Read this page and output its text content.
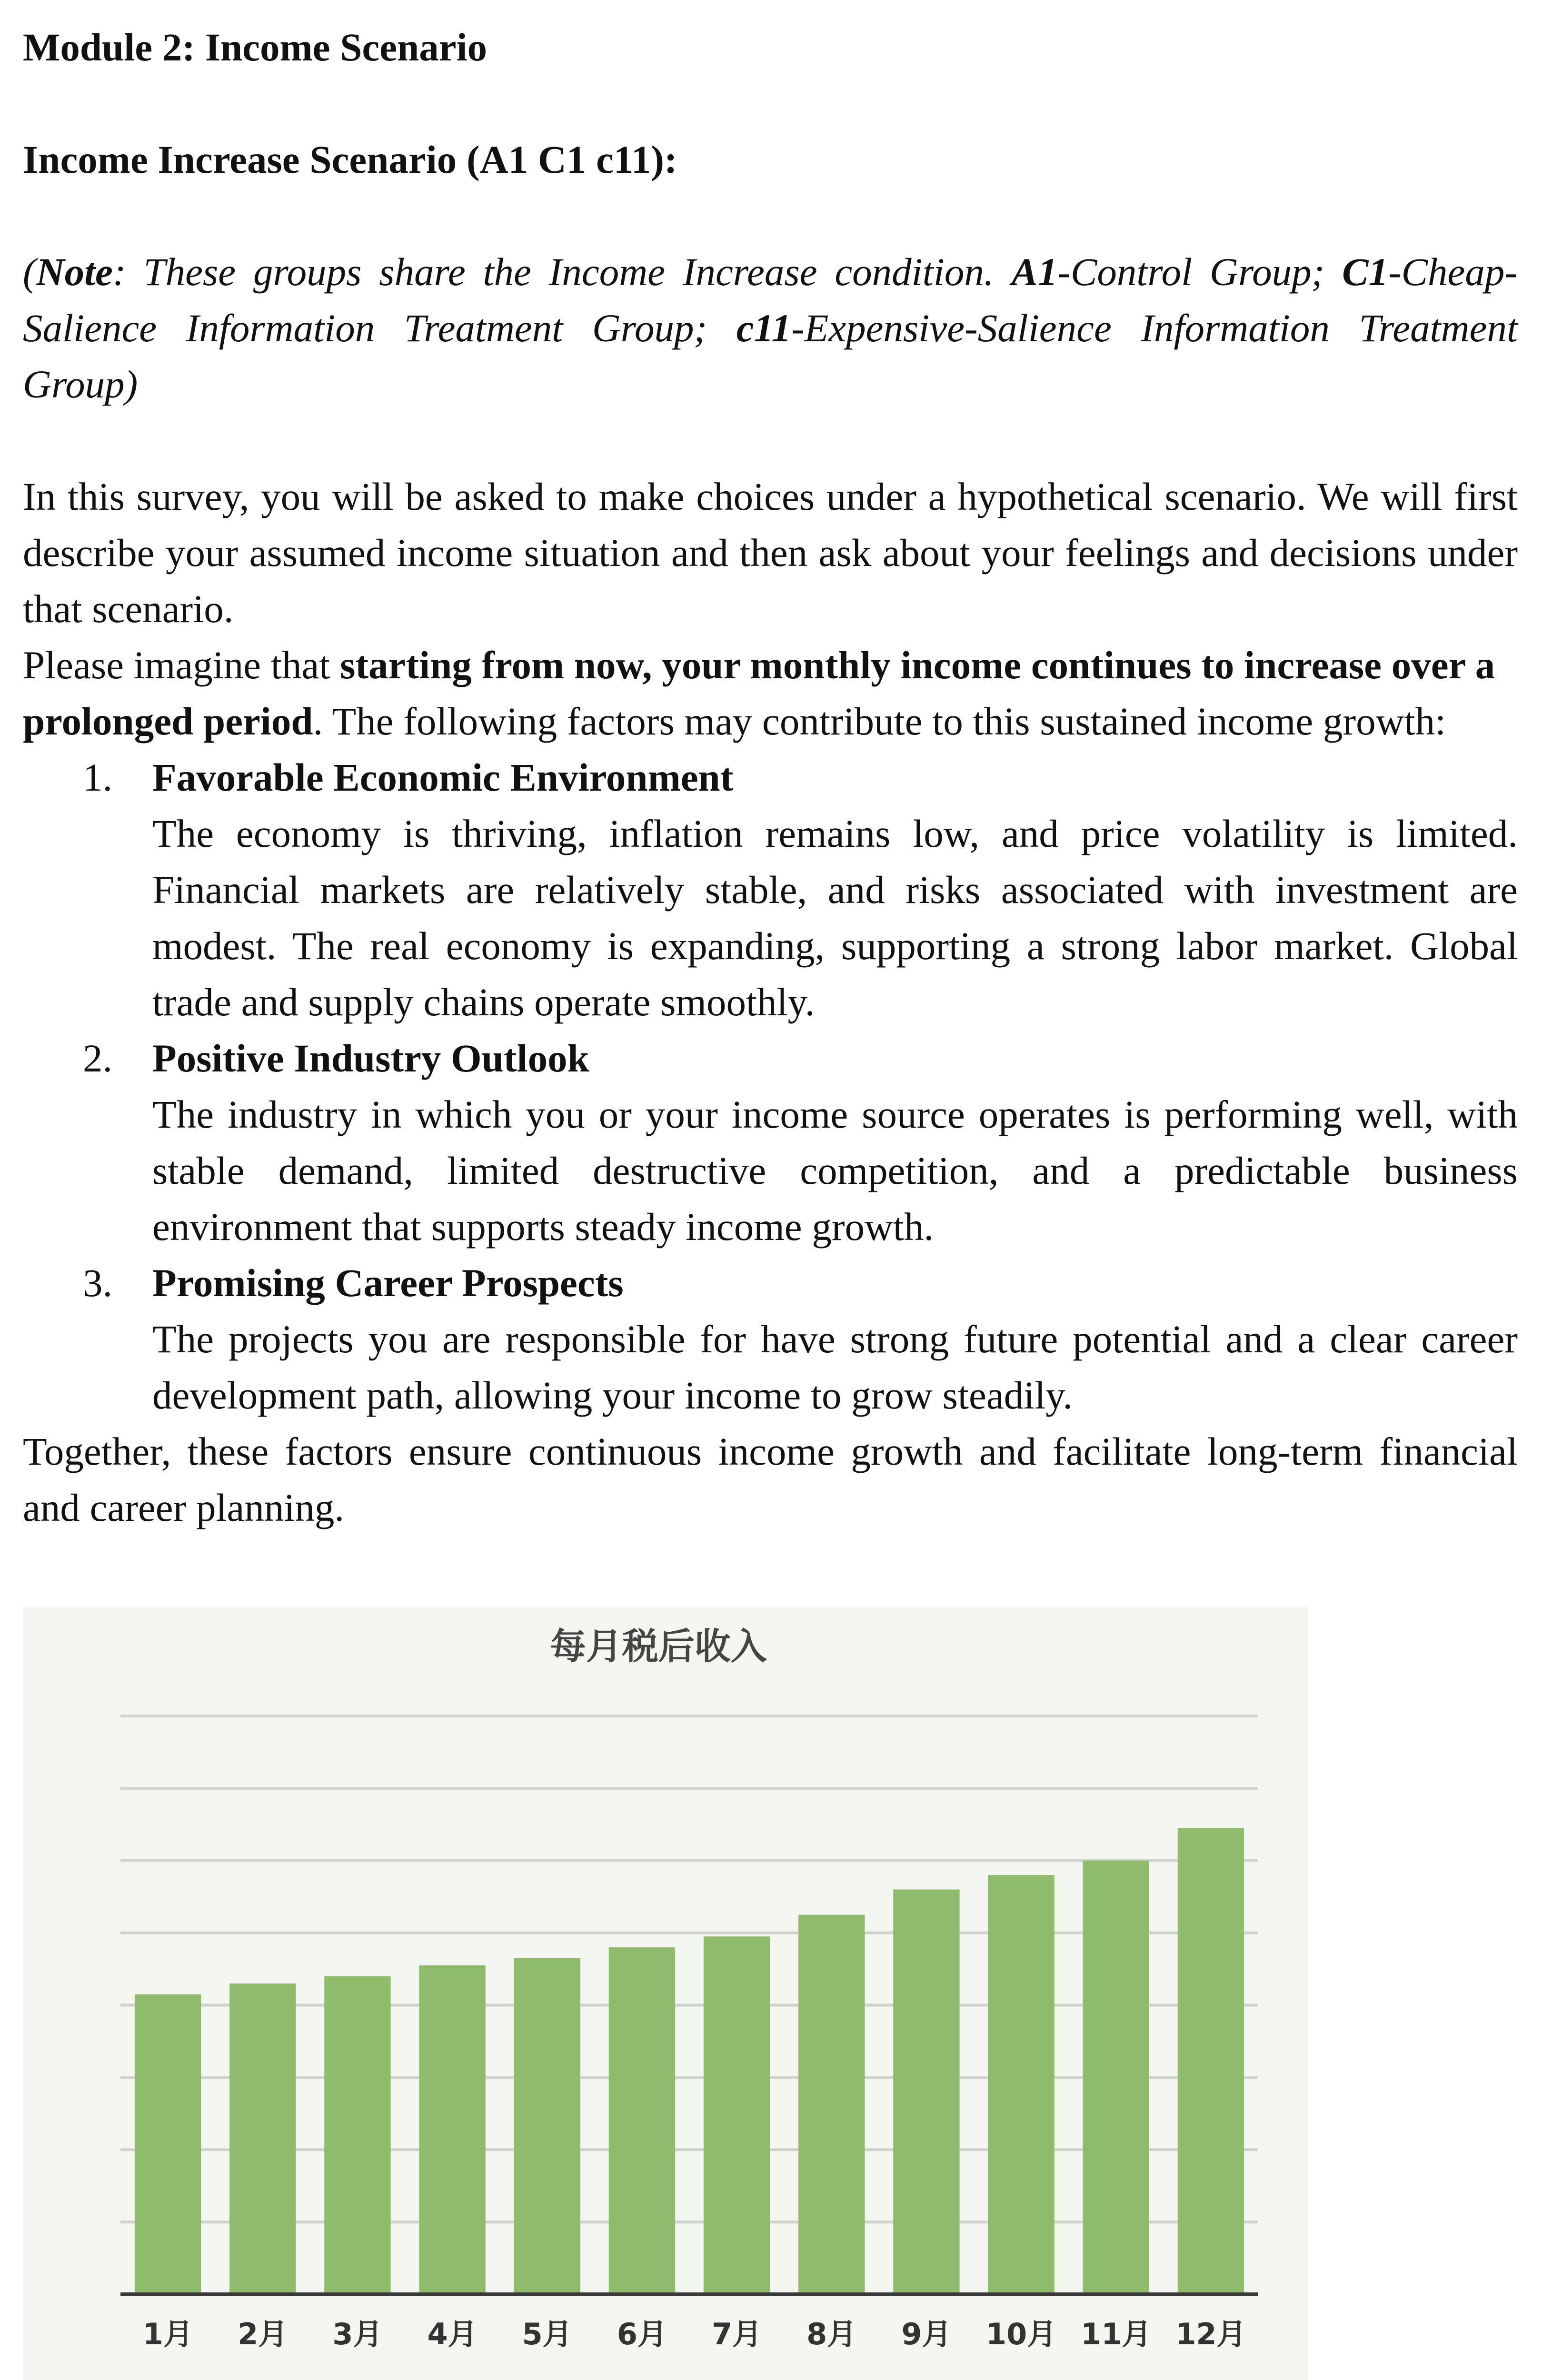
Module 2: Income Scenario

Income Increase Scenario (A1 C1 c11):

(Note: These groups share the Income Increase condition. A1-Control Group; C1-Cheap-Salience Information Treatment Group; c11-Expensive-Salience Information Treatment Group)

In this survey, you will be asked to make choices under a hypothetical scenario. We will first describe your assumed income situation and then ask about your feelings and decisions under that scenario.

Please imagine that starting from now, your monthly income continues to increase over a prolonged period. The following factors may contribute to this sustained income growth:

1. Favorable Economic Environment
The economy is thriving, inflation remains low, and price volatility is limited. Financial markets are relatively stable, and risks associated with investment are modest. The real economy is expanding, supporting a strong labor market. Global trade and supply chains operate smoothly.
2. Positive Industry Outlook
The industry in which you or your income source operates is performing well, with stable demand, limited destructive competition, and a predictable business environment that supports steady income growth.
3. Promising Career Prospects
The projects you are responsible for have strong future potential and a clear career development path, allowing your income to grow steadily.

Together, these factors ensure continuous income growth and facilitate long-term financial and career planning.

1月 2月 3月 4月 5月 6月 7月 8月 9月 10月 11月 12月
每月税后收入
